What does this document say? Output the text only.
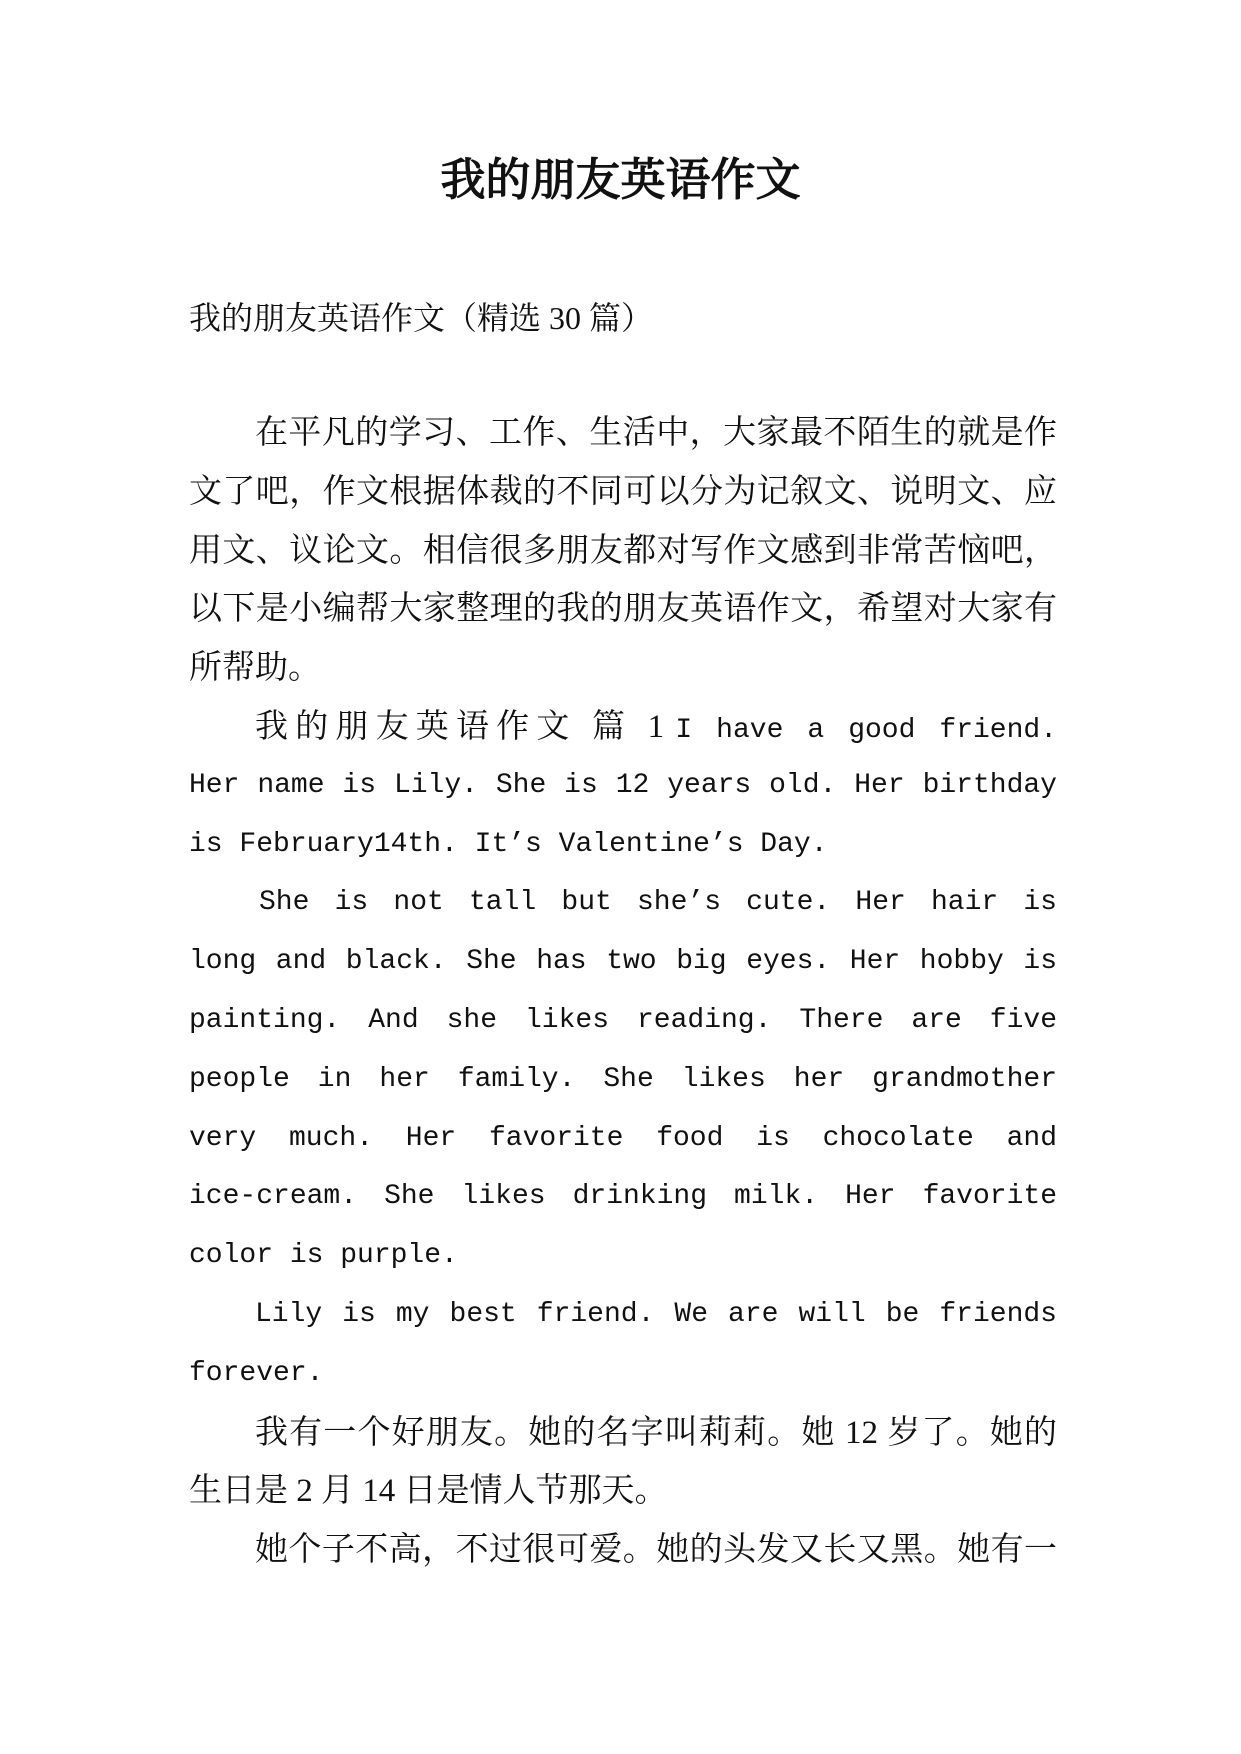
我的朋友英语作文
我的朋友英语作文（精选 30 篇）
在平凡的学习、工作、生活中，大家最不陌生的就是作
文了吧，作文根据体裁的不同可以分为记叙文、说明文、应
用文、议论文。相信很多朋友都对写作文感到非常苦恼吧，
以下是小编帮大家整理的我的朋友英语作文，希望对大家有
所帮助。
我的朋友英语作文 篇 1 I have a good friend.
Her name is Lily. She is 12 years old. Her birthday
is February14th. It’s Valentine’s Day.
She is not tall but she’s cute. Her hair is
long and black. She has two big eyes. Her hobby is
painting. And she likes reading. There are five
people in her family. She likes her grandmother
very much. Her favorite food is chocolate and
ice-cream. She likes drinking milk. Her favorite
color is purple.
Lily is my best friend. We are will be friends
forever.
我有一个好朋友。她的名字叫莉莉。她 12 岁了。她的
生日是 2 月 14 日是情人节那天。
她个子不高，不过很可爱。她的头发又长又黑。她有一
